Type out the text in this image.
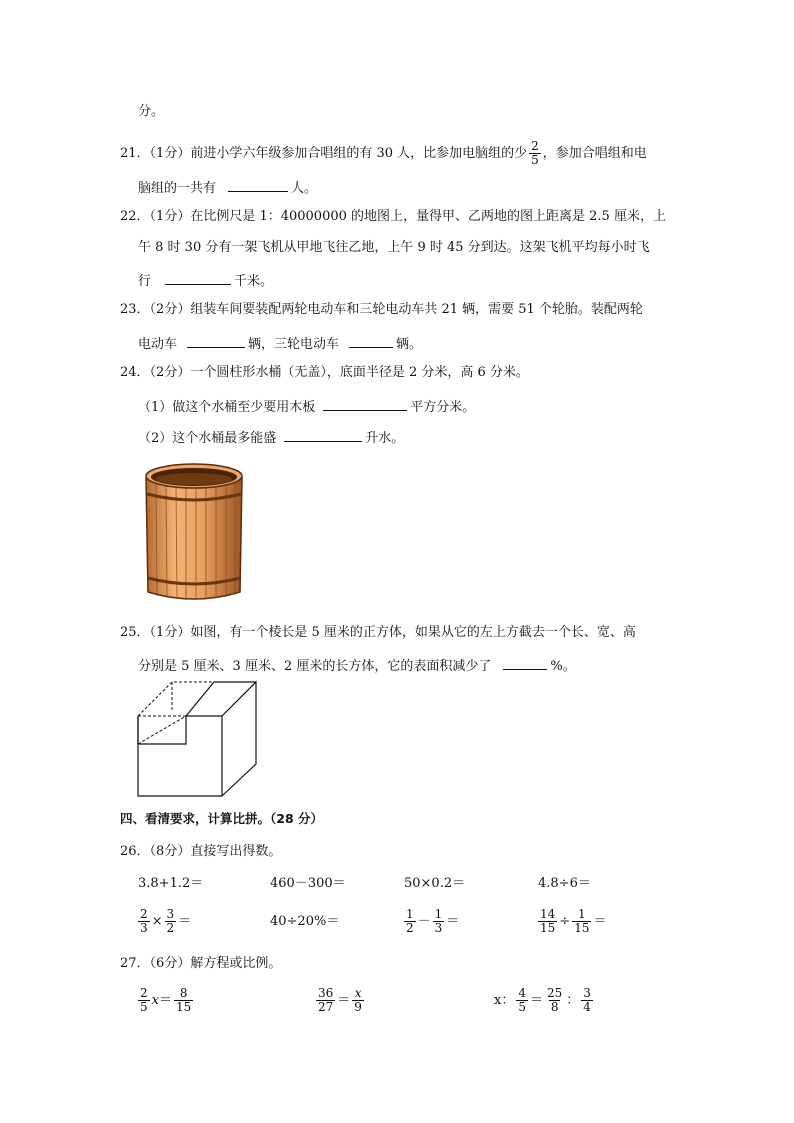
分。
21．（1分）前进小学六年级参加合唱组的有 30 人，比参加电脑组的少 $\frac{2}{5}$ ，参加合唱组和电
脑组的一共有	人。
22．（1分）在比例尺是 1：40000000 的地图上，量得甲、乙两地的图上距离是 2.5 厘米，上
午 8 时 30 分有一架飞机从甲地飞往乙地，上午 9 时 45 分到达。这架飞机平均每小时飞
行	千米。
23．（2分）组装车间要装配两轮电动车和三轮电动车共 21 辆，需要 51 个轮胎。装配两轮
电动车	辆，三轮电动车	辆。
24．（2分）一个圆柱形水桶（无盖），底面半径是 2 分米，高 6 分米。
（1）做这个水桶至少要用木板	平方分米。
（2）这个水桶最多能盛	升水。
25．（1分）如图，有一个棱长是 5 厘米的正方体，如果从它的左上方截去一个长、宽、高
分别是 5 厘米、3 厘米、2 厘米的长方体，它的表面积减少了	%。
四、看清要求，计算比拼。（28 分）
26．（8分）直接写出得数。
3.8+1.2＝	460－300＝	50×0.2＝	4.8÷6＝
$\frac{2}{3} \times \frac{3}{2}$ ＝	40÷20%＝	$\frac{1}{2} - \frac{1}{3}$ ＝	$\frac{14}{15} \div \frac{1}{15}$ ＝
27．（6分）解方程或比例。
$\frac{2}{5} x= \frac{8}{15}$	$\frac{36}{27} = \frac{x}{9}$	x： $\frac{4}{5} = \frac{25}{8}$ ： $\frac{3}{4}$
